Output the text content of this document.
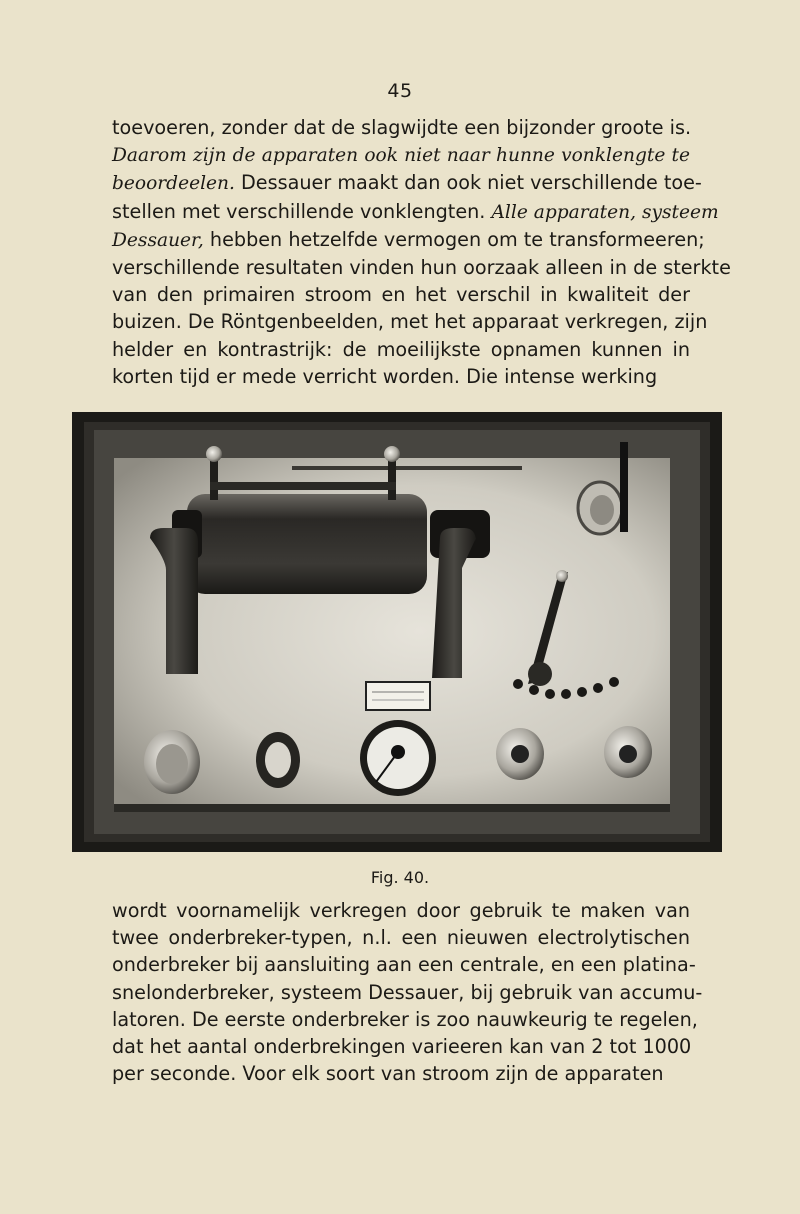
45
toevoeren, zonder dat de slagwijdte een bijzonder groote is.
Daarom zijn de apparaten ook niet naar hunne vonklengte te
beoordeelen. Dessauer maakt dan ook niet verschillende toe-
stellen met verschillende vonklengten. Alle apparaten, systeem
Dessauer, hebben hetzelfde vermogen om te transformeeren;
verschillende resultaten vinden hun oorzaak alleen in de sterkte
van den primairen stroom en het verschil in kwaliteit der
buizen. De Röntgenbeelden, met het apparaat verkregen, zijn
helder en kontrastrijk: de moeilijkste opnamen kunnen in
korten tijd er mede verricht worden. Die intense werking
Fig. 40.
wordt voornamelijk verkregen door gebruik te maken van
twee onderbreker-typen, n.l. een nieuwen electrolytischen
onderbreker bij aansluiting aan een centrale, en een platina-
snelonderbreker, systeem Dessauer, bij gebruik van accumu-
latoren. De eerste onderbreker is zoo nauwkeurig te regelen,
dat het aantal onderbrekingen varieeren kan van 2 tot 1000
per seconde. Voor elk soort van stroom zijn de apparaten
